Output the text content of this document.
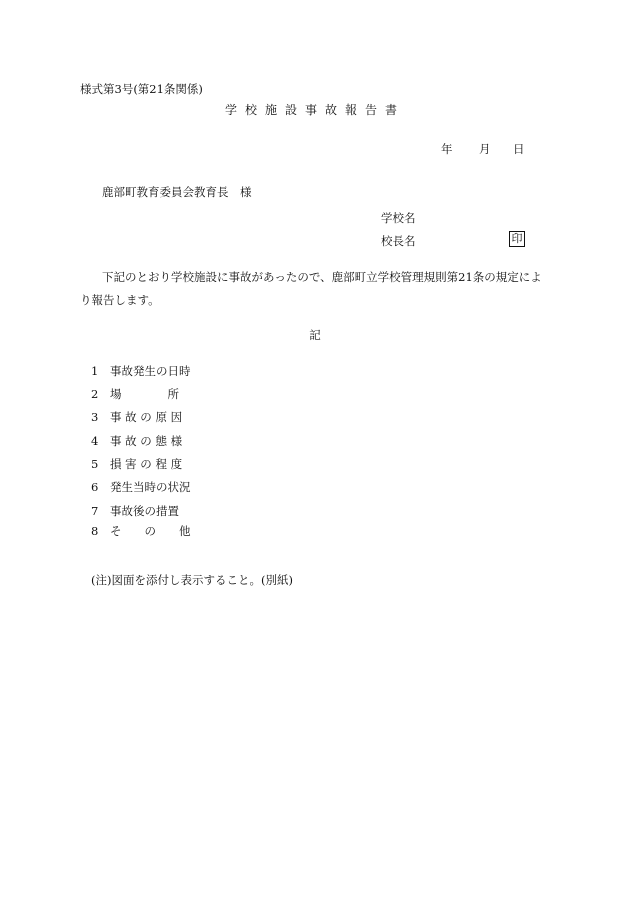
様式第3号(第21条関係)
学校施設事故報告書
年 月 日
鹿部町教育委員会教育長　様
学校名
校長名	印
下記のとおり学校施設に事故があったので、鹿部町立学校管理規則第21条の規定により報告します。
記
1 事故発生の日時
2 場　　　　所
3 事 故 の 原 因
4 事 故 の 態 様
5 損 害 の 程 度
6 発生当時の状況
7 事故後の措置
8 そ　　の　　他
(注)図面を添付し表示すること。(別紙)
